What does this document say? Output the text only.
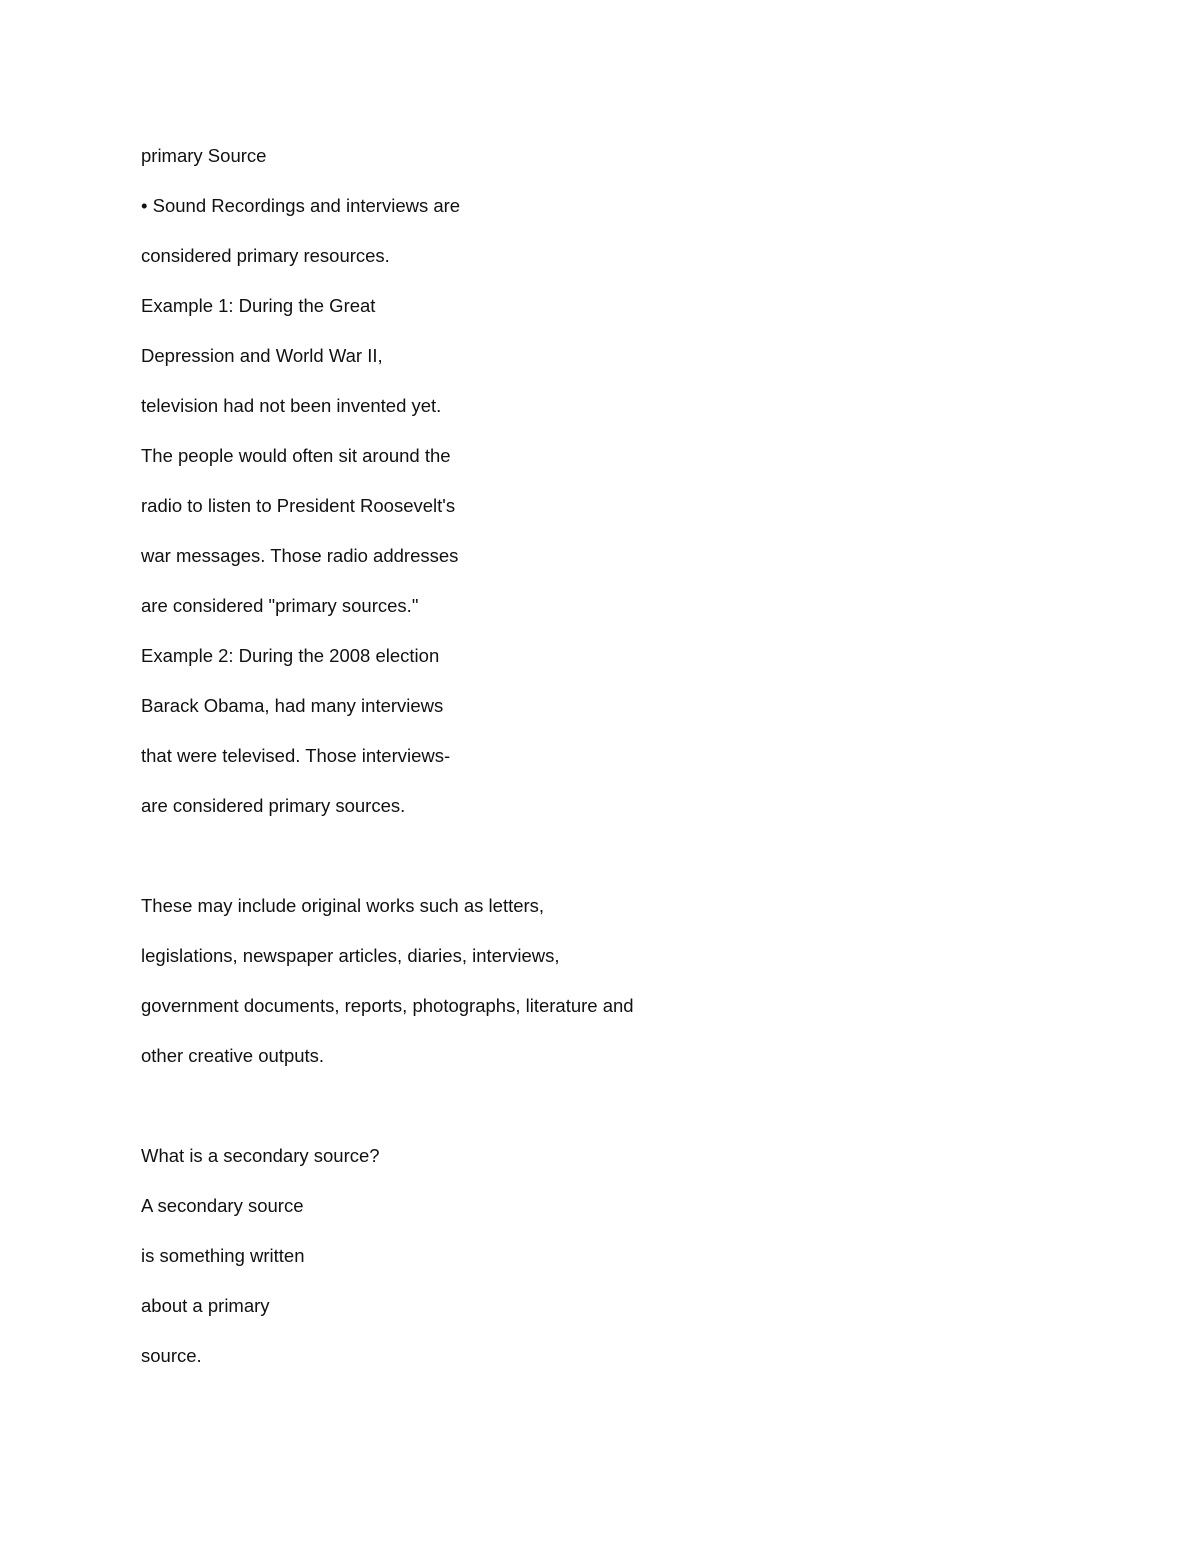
primary Source
• Sound Recordings and interviews are
considered primary resources.
Example 1: During the Great
Depression and World War II,
television had not been invented yet.
The people would often sit around the
radio to listen to President Roosevelt's
war messages. Those radio addresses
are considered "primary sources."
Example 2: During the 2008 election
Barack Obama, had many interviews
that were televised. Those interviews-
are considered primary sources.
These may include original works such as letters,
legislations, newspaper articles, diaries, interviews,
government documents, reports, photographs, literature and
other creative outputs.
What is a secondary source?
A secondary source
is something written
about a primary
source.
